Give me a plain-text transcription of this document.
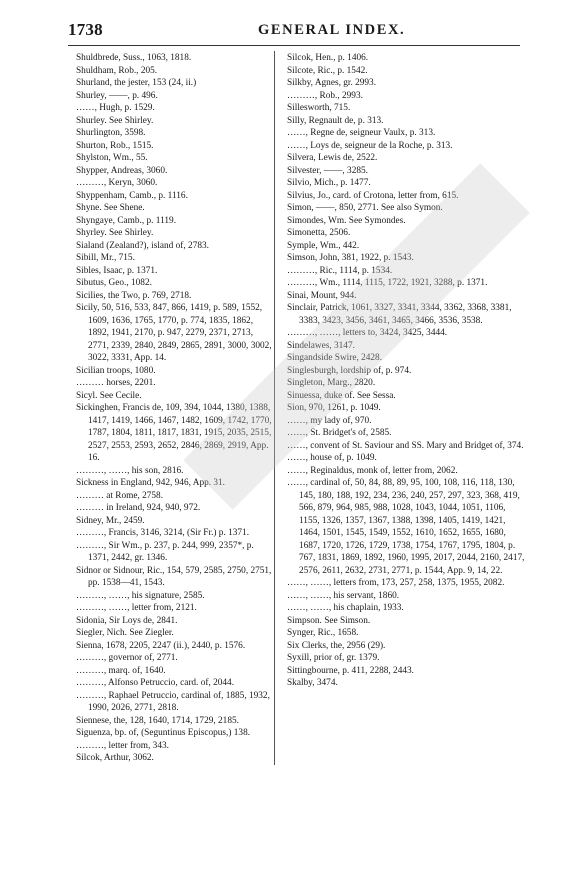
1738	GENERAL INDEX.
Shuldbrede, Suss., 1063, 1818.
Shuldham, Rob., 205.
Shurland, the jester, 153 (24, ii.)
Shurley, ——, p. 496.
……, Hugh, p. 1529.
Shurley. See Shirley.
Shurlington, 3598.
Shurton, Rob., 1515.
Shylston, Wm., 55.
Shypper, Andreas, 3060.
………, Keryn, 3060.
Shyppenham, Camb., p. 1116.
Shyne. See Shene.
Shyngaye, Camb., p. 1119.
Shyrley. See Shirley.
Sialand (Zealand?), island of, 2783.
Sibill, Mr., 715.
Sibles, Isaac, p. 1371.
Sibutus, Geo., 1082.
Sicilies, the Two, p. 769, 2718.
Sicily, 50, 516, 533, 847, 866, 1419, p. 589, 1552, 1609, 1636, 1765, 1770, p. 774, 1835, 1862, 1892, 1941, 2170, p. 947, 2279, 2371, 2713, 2771, 2339, 2840, 2849, 2865, 2891, 3000, 3002, 3022, 3331, App. 14.
Sicilian troops, 1080.
……… horses, 2201.
Sicyl. See Cecile.
Sickinghen, Francis de, 109, 394, 1044, 1380, 1388, 1417, 1419, 1466, 1467, 1482, 1609, 1742, 1770, 1787, 1804, 1811, 1817, 1831, 1915, 2035, 2515, 2527, 2553, 2593, 2652, 2846, 2869, 2919, App. 16.
………, ……, his son, 2816.
Sickness in England, 942, 946, App. 31.
……… at Rome, 2758.
……… in Ireland, 924, 940, 972.
Sidney, Mr., 2459.
………, Francis, 3146, 3214, (Sir Fr.) p. 1371.
………, Sir Wm., p. 237, p. 244, 999, 2357*, p. 1371, 2442, gr. 1346.
Sidnor or Sidnour, Ric., 154, 579, 2585, 2750, 2751, pp. 1538—41, 1543.
………, ……, his signature, 2585.
………, ……, letter from, 2121.
Sidonia, Sir Loys de, 2841.
Siegler, Nich. See Ziegler.
Sienna, 1678, 2205, 2247 (ii.), 2440, p. 1576.
………, governor of, 2771.
………, marq. of, 1640.
………, Alfonso Petruccio, card. of, 2044.
………, Raphael Petruccio, cardinal of, 1885, 1932, 1990, 2026, 2771, 2818.
Siennese, the, 128, 1640, 1714, 1729, 2185.
Siguenza, bp. of, (Seguntinus Episcopus,) 138.
………, letter from, 343.
Silcok, Arthur, 3062.
Silcok, Hen., p. 1406.
Silcote, Ric., p. 1542.
Silkby, Agnes, gr. 2993.
………, Rob., 2993.
Sillesworth, 715.
Silly, Regnault de, p. 313.
……, Regne de, seigneur Vaulx, p. 313.
……, Loys de, seigneur de la Roche, p. 313.
Silvera, Lewis de, 2522.
Silvester, ——, 3285.
Silvio, Mich., p. 1477.
Silvius, Jo., card. of Crotona, letter from, 615.
Simon, ——, 850, 2771. See also Symon.
Simondes, Wm. See Symondes.
Simonetta, 2506.
Symple, Wm., 442.
Simson, John, 381, 1922, p. 1543.
………, Ric., 1114, p. 1534.
………, Wm., 1114, 1115, 1722, 1921, 3288, p. 1371.
Sinai, Mount, 944.
Sinclair, Patrick, 1061, 3327, 3341, 3344, 3362, 3368, 3381, 3383, 3423, 3456, 3461, 3465, 3466, 3536, 3538.
………, ……, letters to, 3424, 3425, 3444.
Sindelawes, 3147.
Singandside Swire, 2428.
Singlesburgh, lordship of, p. 974.
Singleton, Marg., 2820.
Sinuessa, duke of. See Sessa.
Sion, 970, 1261, p. 1049.
……, my lady of, 970.
……, St. Bridget's of, 2585.
……, convent of St. Saviour and SS. Mary and Bridget of, 374.
……, house of, p. 1049.
……, Reginaldus, monk of, letter from, 2062.
……, cardinal of, 50, 84, 88, 89, 95, 100, 108, 116, 118, 130, 145, 180, 188, 192, 234, 236, 240, 257, 297, 323, 368, 419, 566, 879, 964, 985, 988, 1028, 1043, 1044, 1051, 1106, 1155, 1326, 1357, 1367, 1388, 1398, 1405, 1419, 1421, 1464, 1501, 1545, 1549, 1552, 1610, 1652, 1655, 1680, 1687, 1720, 1726, 1729, 1738, 1754, 1767, 1795, 1804, p. 767, 1831, 1869, 1892, 1960, 1995, 2017, 2044, 2160, 2417, 2576, 2611, 2632, 2731, 2771, p. 1544, App. 9, 14, 22.
……, ……, letters from, 173, 257, 258, 1375, 1955, 2082.
……, ……, his servant, 1860.
……, ……, his chaplain, 1933.
Simpson. See Simson.
Synger, Ric., 1658.
Six Clerks, the, 2956 (29).
Syxill, prior of, gr. 1379.
Sittingbourne, p. 411, 2288, 2443.
Skalby, 3474.
